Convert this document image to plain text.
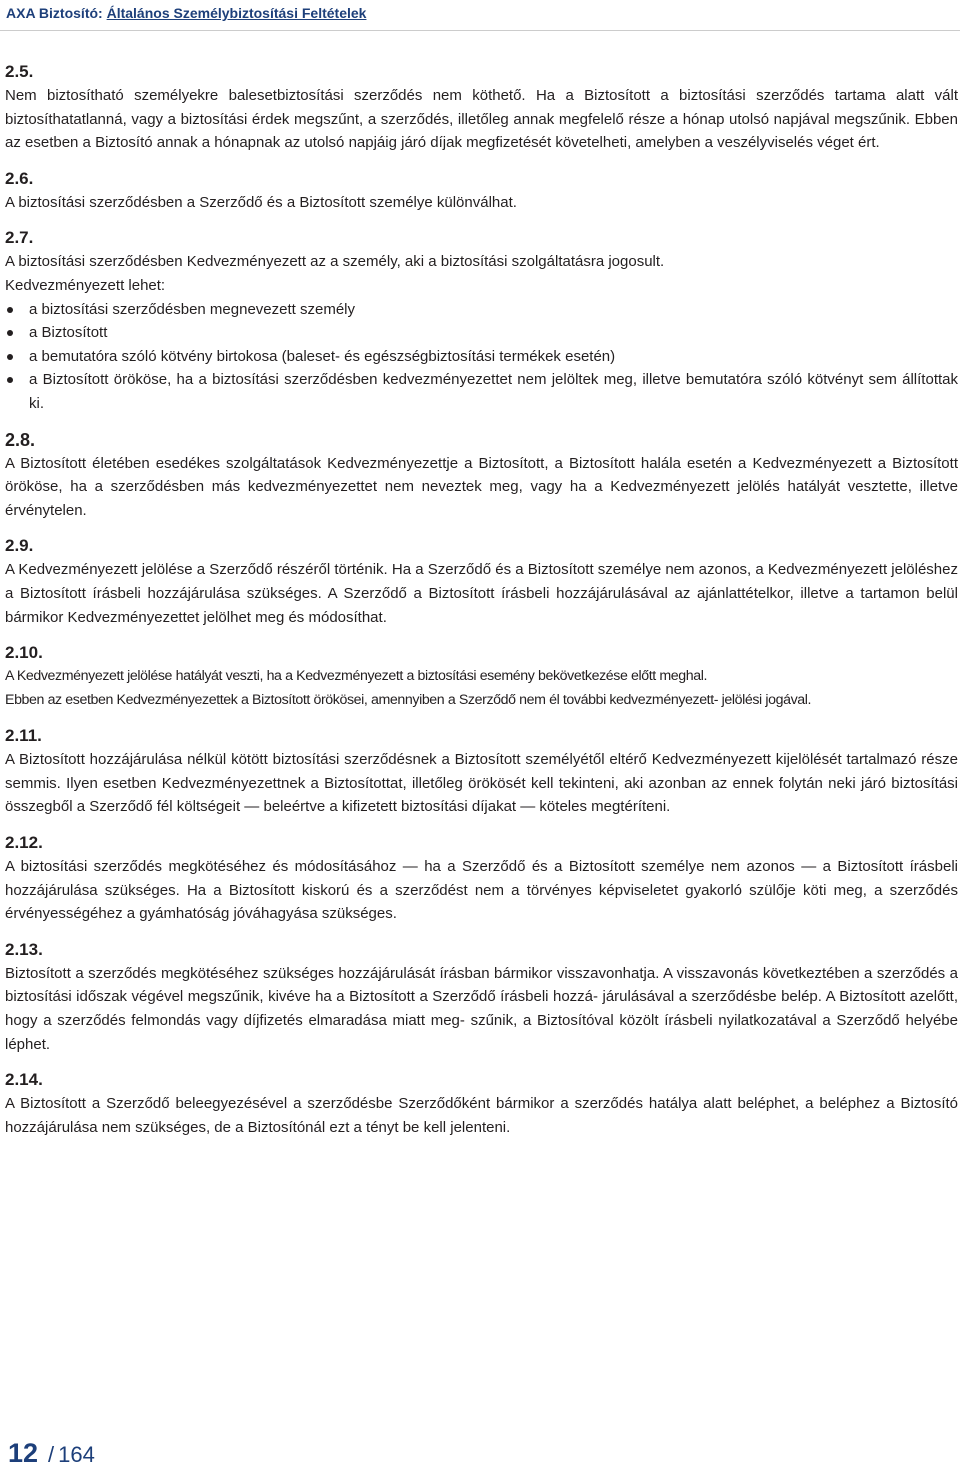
AXA Biztosító: Általános Személybiztosítási Feltételek
2.5.

Nem biztosítható személyekre balesetbiztosítási szerződés nem köthető. Ha a Biztosított a biztosítási szerződés tartama alatt vált biztosíthatatlanná, vagy a biztosítási érdek megszűnt, a szerződés, illetőleg annak megfelelő része a hónap utolsó napjával megszűnik. Ebben az esetben a Biztosító annak a hónapnak az utolsó napjáig járó díjak megfizetését követelheti, amelyben a veszélyviselés véget ért.

2.6.

A biztosítási szerződésben a Szerződő és a Biztosított személye különválhat.

2.7.

A biztosítási szerződésben Kedvezményezett az a személy, aki a biztosítási szolgáltatásra jogosult.

Kedvezményezett lehet:

a biztosítási szerződésben megnevezett személy
a Biztosított
a bemutatóra szóló kötvény birtokosa (baleset- és egészségbiztosítási termékek esetén)
a Biztosított örököse, ha a biztosítási szerződésben kedvezményezettet nem jelöltek meg, illetve bemutatóra szóló kötvényt sem állítottak ki.
2.8.

A Biztosított életében esedékes szolgáltatások Kedvezményezettje a Biztosított, a Biztosított halála esetén a Kedvezményezett a Biztosított örököse, ha a szerződésben más kedvezményezettet nem neveztek meg, vagy ha a Kedvezményezett jelölés hatályát vesztette, illetve érvénytelen.

2.9.

A Kedvezményezett jelölése a Szerződő részéről történik. Ha a Szerződő és a Biztosított személye nem azonos, a Kedvezményezett jelöléshez a Biztosított írásbeli hozzájárulása szükséges. A Szerződő a Biztosított írásbeli hozzájárulásával az ajánlattételkor, illetve a tartamon belül bármikor Kedvezményezettet jelölhet meg és módosíthat.

2.10.

A Kedvezményezett jelölése hatályát veszti, ha a Kedvezményezett a biztosítási esemény bekövetkezése előtt meghal.

Ebben az esetben Kedvezményezettek a Biztosított örökösei, amennyiben a Szerződő nem él további kedvezményezett- jelölési jogával.

2.11.

A Biztosított hozzájárulása nélkül kötött biztosítási szerződésnek a Biztosított személyétől eltérő Kedvezményezett kijelölését tartalmazó része semmis. Ilyen esetben Kedvezményezettnek a Biztosítottat, illetőleg örökösét kell tekinteni, aki azonban az ennek folytán neki járó biztosítási összegből a Szerződő fél költségeit — beleértve a kifizetett biztosítási díjakat — köteles megtéríteni.

2.12.

A biztosítási szerződés megkötéséhez és módosításához — ha a Szerződő és a Biztosított személye nem azonos — a Biztosított írásbeli hozzájárulása szükséges. Ha a Biztosított kiskorú és a szerződést nem a törvényes képviseletet gyakorló szülője köti meg, a szerződés érvényességéhez a gyámhatóság jóváhagyása szükséges.

2.13.

Biztosított a szerződés megkötéséhez szükséges hozzájárulását írásban bármikor visszavonhatja. A visszavonás következtében a szerződés a biztosítási időszak végével megszűnik, kivéve ha a Biztosított a Szerződő írásbeli hozzá- járulásával a szerződésbe belép. A Biztosított azelőtt, hogy a szerződés felmondás vagy díjfizetés elmaradása miatt meg- szűnik, a Biztosítóval közölt írásbeli nyilatkozatával a Szerződő helyébe léphet.

2.14.

A Biztosított a Szerződő beleegyezésével a szerződésbe Szerződőként bármikor a szerződés hatálya alatt beléphet, a beléphez a Biztosító hozzájárulása nem szükséges, de a Biztosítónál ezt a tényt be kell jelenteni.

12 / 164
